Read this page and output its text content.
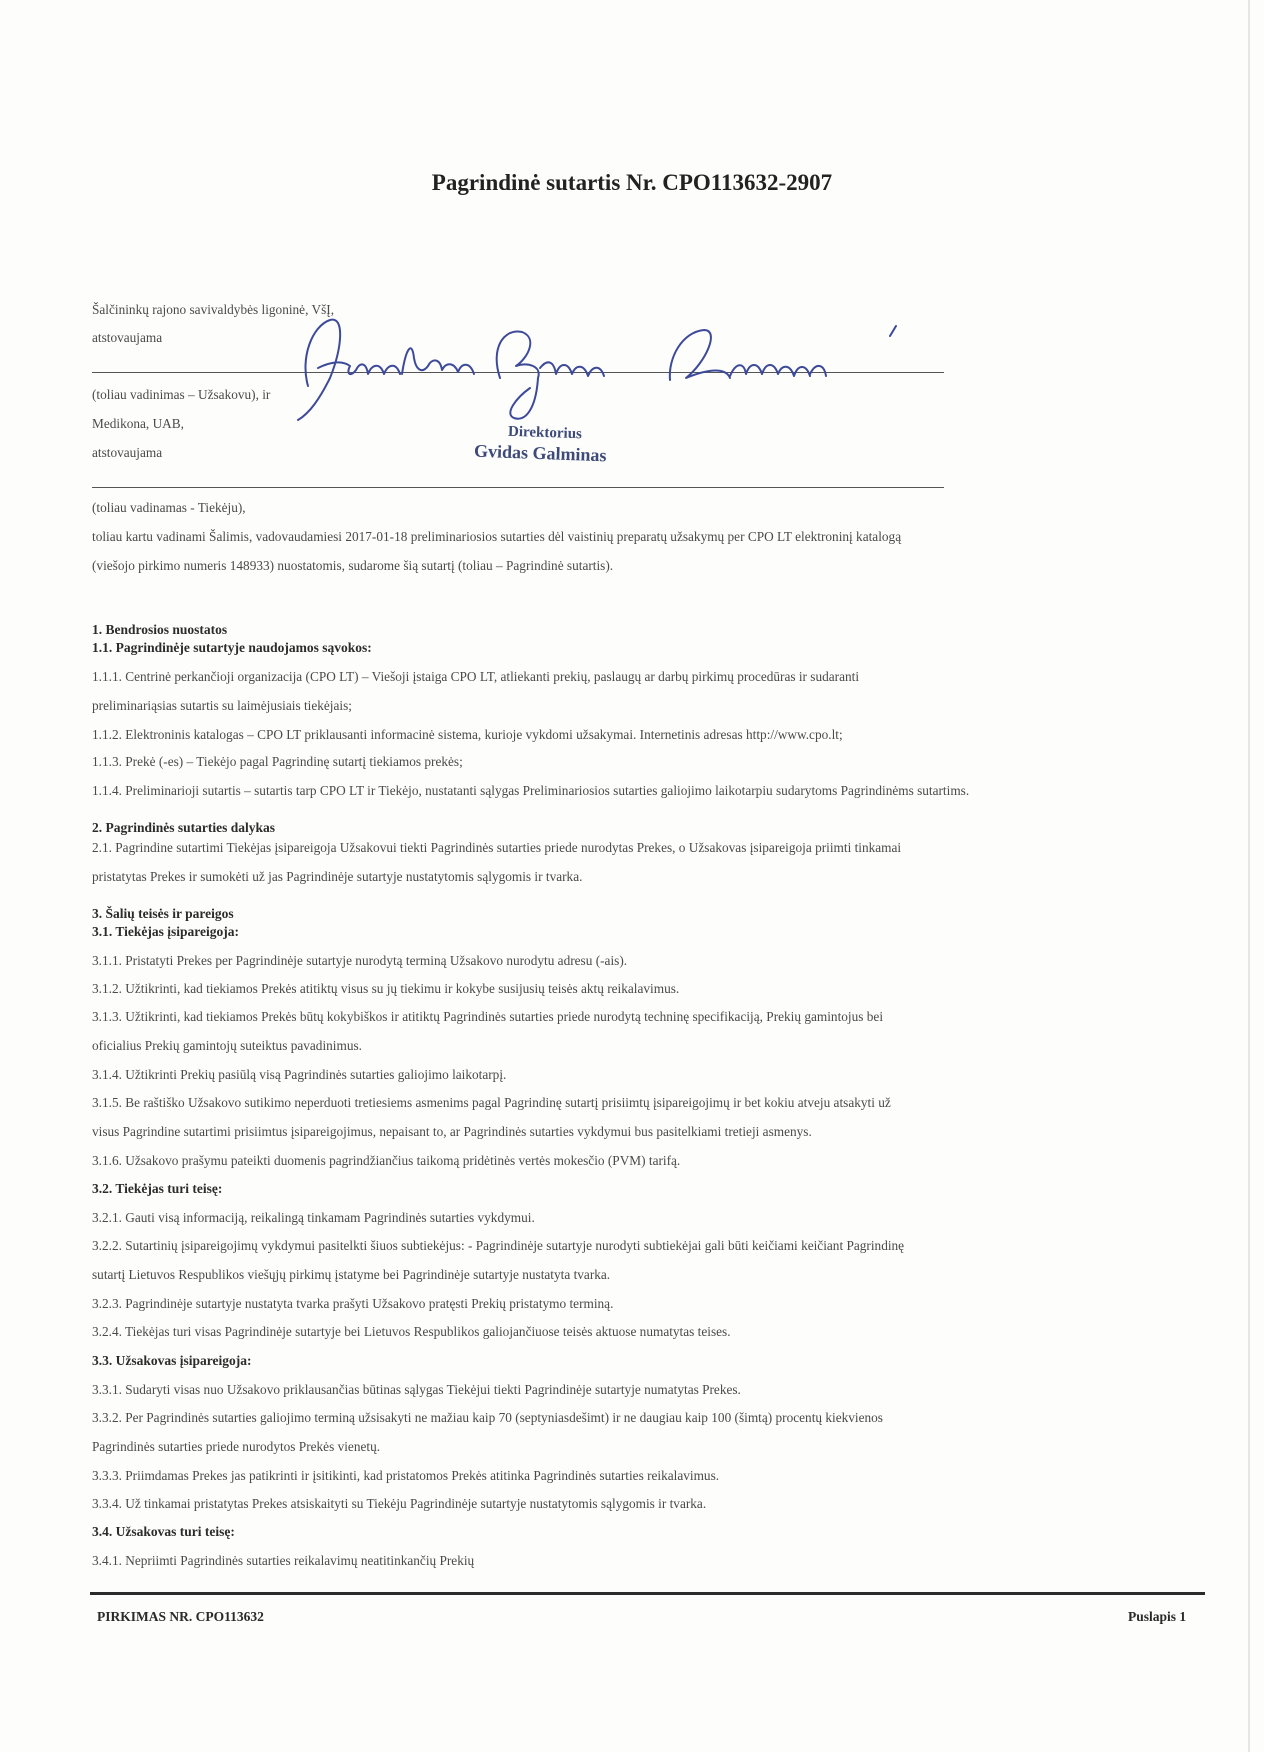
Pagrindinė sutartis Nr. CPO113632-2907
Šalčininkų rajono savivaldybės ligoninė, VšĮ,
atstovaujama
(toliau vadinimas – Užsakovu), ir
Medikona, UAB,
atstovaujama
(toliau vadinamas - Tiekėju),
Direktorius
Gvidas Galminas
toliau kartu vadinami Šalimis, vadovaudamiesi 2017-01-18 preliminariosios sutarties dėl vaistinių preparatų užsakymų per CPO LT elektroninį katalogą
(viešojo pirkimo numeris 148933) nuostatomis, sudarome šią sutartį (toliau – Pagrindinė sutartis).
1. Bendrosios nuostatos
1.1. Pagrindinėje sutartyje naudojamos sąvokos:
1.1.1. Centrinė perkančioji organizacija (CPO LT) – Viešoji įstaiga CPO LT, atliekanti prekių, paslaugų ar darbų pirkimų procedūras ir sudaranti
preliminariąsias sutartis su laimėjusiais tiekėjais;
1.1.2. Elektroninis katalogas – CPO LT priklausanti informacinė sistema, kurioje vykdomi užsakymai. Internetinis adresas http://www.cpo.lt;
1.1.3. Prekė (-es) – Tiekėjo pagal Pagrindinę sutartį tiekiamos prekės;
1.1.4. Preliminarioji sutartis – sutartis tarp CPO LT ir Tiekėjo, nustatanti sąlygas Preliminariosios sutarties galiojimo laikotarpiu sudarytoms Pagrindinėms sutartims.
2. Pagrindinės sutarties dalykas
2.1. Pagrindine sutartimi Tiekėjas įsipareigoja Užsakovui tiekti Pagrindinės sutarties priede nurodytas Prekes, o Užsakovas įsipareigoja priimti tinkamai
pristatytas Prekes ir sumokėti už jas Pagrindinėje sutartyje nustatytomis sąlygomis ir tvarka.
3. Šalių teisės ir pareigos
3.1. Tiekėjas įsipareigoja:
3.1.1. Pristatyti Prekes per Pagrindinėje sutartyje nurodytą terminą Užsakovo nurodytu adresu (-ais).
3.1.2. Užtikrinti, kad tiekiamos Prekės atitiktų visus su jų tiekimu ir kokybe susijusių teisės aktų reikalavimus.
3.1.3. Užtikrinti, kad tiekiamos Prekės būtų kokybiškos ir atitiktų Pagrindinės sutarties priede nurodytą techninę specifikaciją, Prekių gamintojus bei
oficialius Prekių gamintojų suteiktus pavadinimus.
3.1.4. Užtikrinti Prekių pasiūlą visą Pagrindinės sutarties galiojimo laikotarpį.
3.1.5. Be raštiško Užsakovo sutikimo neperduoti tretiesiems asmenims pagal Pagrindinę sutartį prisiimtų įsipareigojimų ir bet kokiu atveju atsakyti už
visus Pagrindine sutartimi prisiimtus įsipareigojimus, nepaisant to, ar Pagrindinės sutarties vykdymui bus pasitelkiami tretieji asmenys.
3.1.6. Užsakovo prašymu pateikti duomenis pagrindžiančius taikomą pridėtinės vertės mokesčio (PVM) tarifą.
3.2. Tiekėjas turi teisę:
3.2.1. Gauti visą informaciją, reikalingą tinkamam Pagrindinės sutarties vykdymui.
3.2.2. Sutartinių įsipareigojimų vykdymui pasitelkti šiuos subtiekėjus: - Pagrindinėje sutartyje nurodyti subtiekėjai gali būti keičiami keičiant Pagrindinę
sutartį Lietuvos Respublikos viešųjų pirkimų įstatyme bei Pagrindinėje sutartyje nustatyta tvarka.
3.2.3. Pagrindinėje sutartyje nustatyta tvarka prašyti Užsakovo pratęsti Prekių pristatymo terminą.
3.2.4. Tiekėjas turi visas Pagrindinėje sutartyje bei Lietuvos Respublikos galiojančiuose teisės aktuose numatytas teises.
3.3. Užsakovas įsipareigoja:
3.3.1. Sudaryti visas nuo Užsakovo priklausančias būtinas sąlygas Tiekėjui tiekti Pagrindinėje sutartyje numatytas Prekes.
3.3.2. Per Pagrindinės sutarties galiojimo terminą užsisakyti ne mažiau kaip 70 (septyniasdešimt) ir ne daugiau kaip 100 (šimtą) procentų kiekvienos
Pagrindinės sutarties priede nurodytos Prekės vienetų.
3.3.3. Priimdamas Prekes jas patikrinti ir įsitikinti, kad pristatomos Prekės atitinka Pagrindinės sutarties reikalavimus.
3.3.4. Už tinkamai pristatytas Prekes atsiskaityti su Tiekėju Pagrindinėje sutartyje nustatytomis sąlygomis ir tvarka.
3.4. Užsakovas turi teisę:
3.4.1. Nepriimti Pagrindinės sutarties reikalavimų neatitinkančių Prekių
PIRKIMAS NR. CPO113632	Puslapis 1
